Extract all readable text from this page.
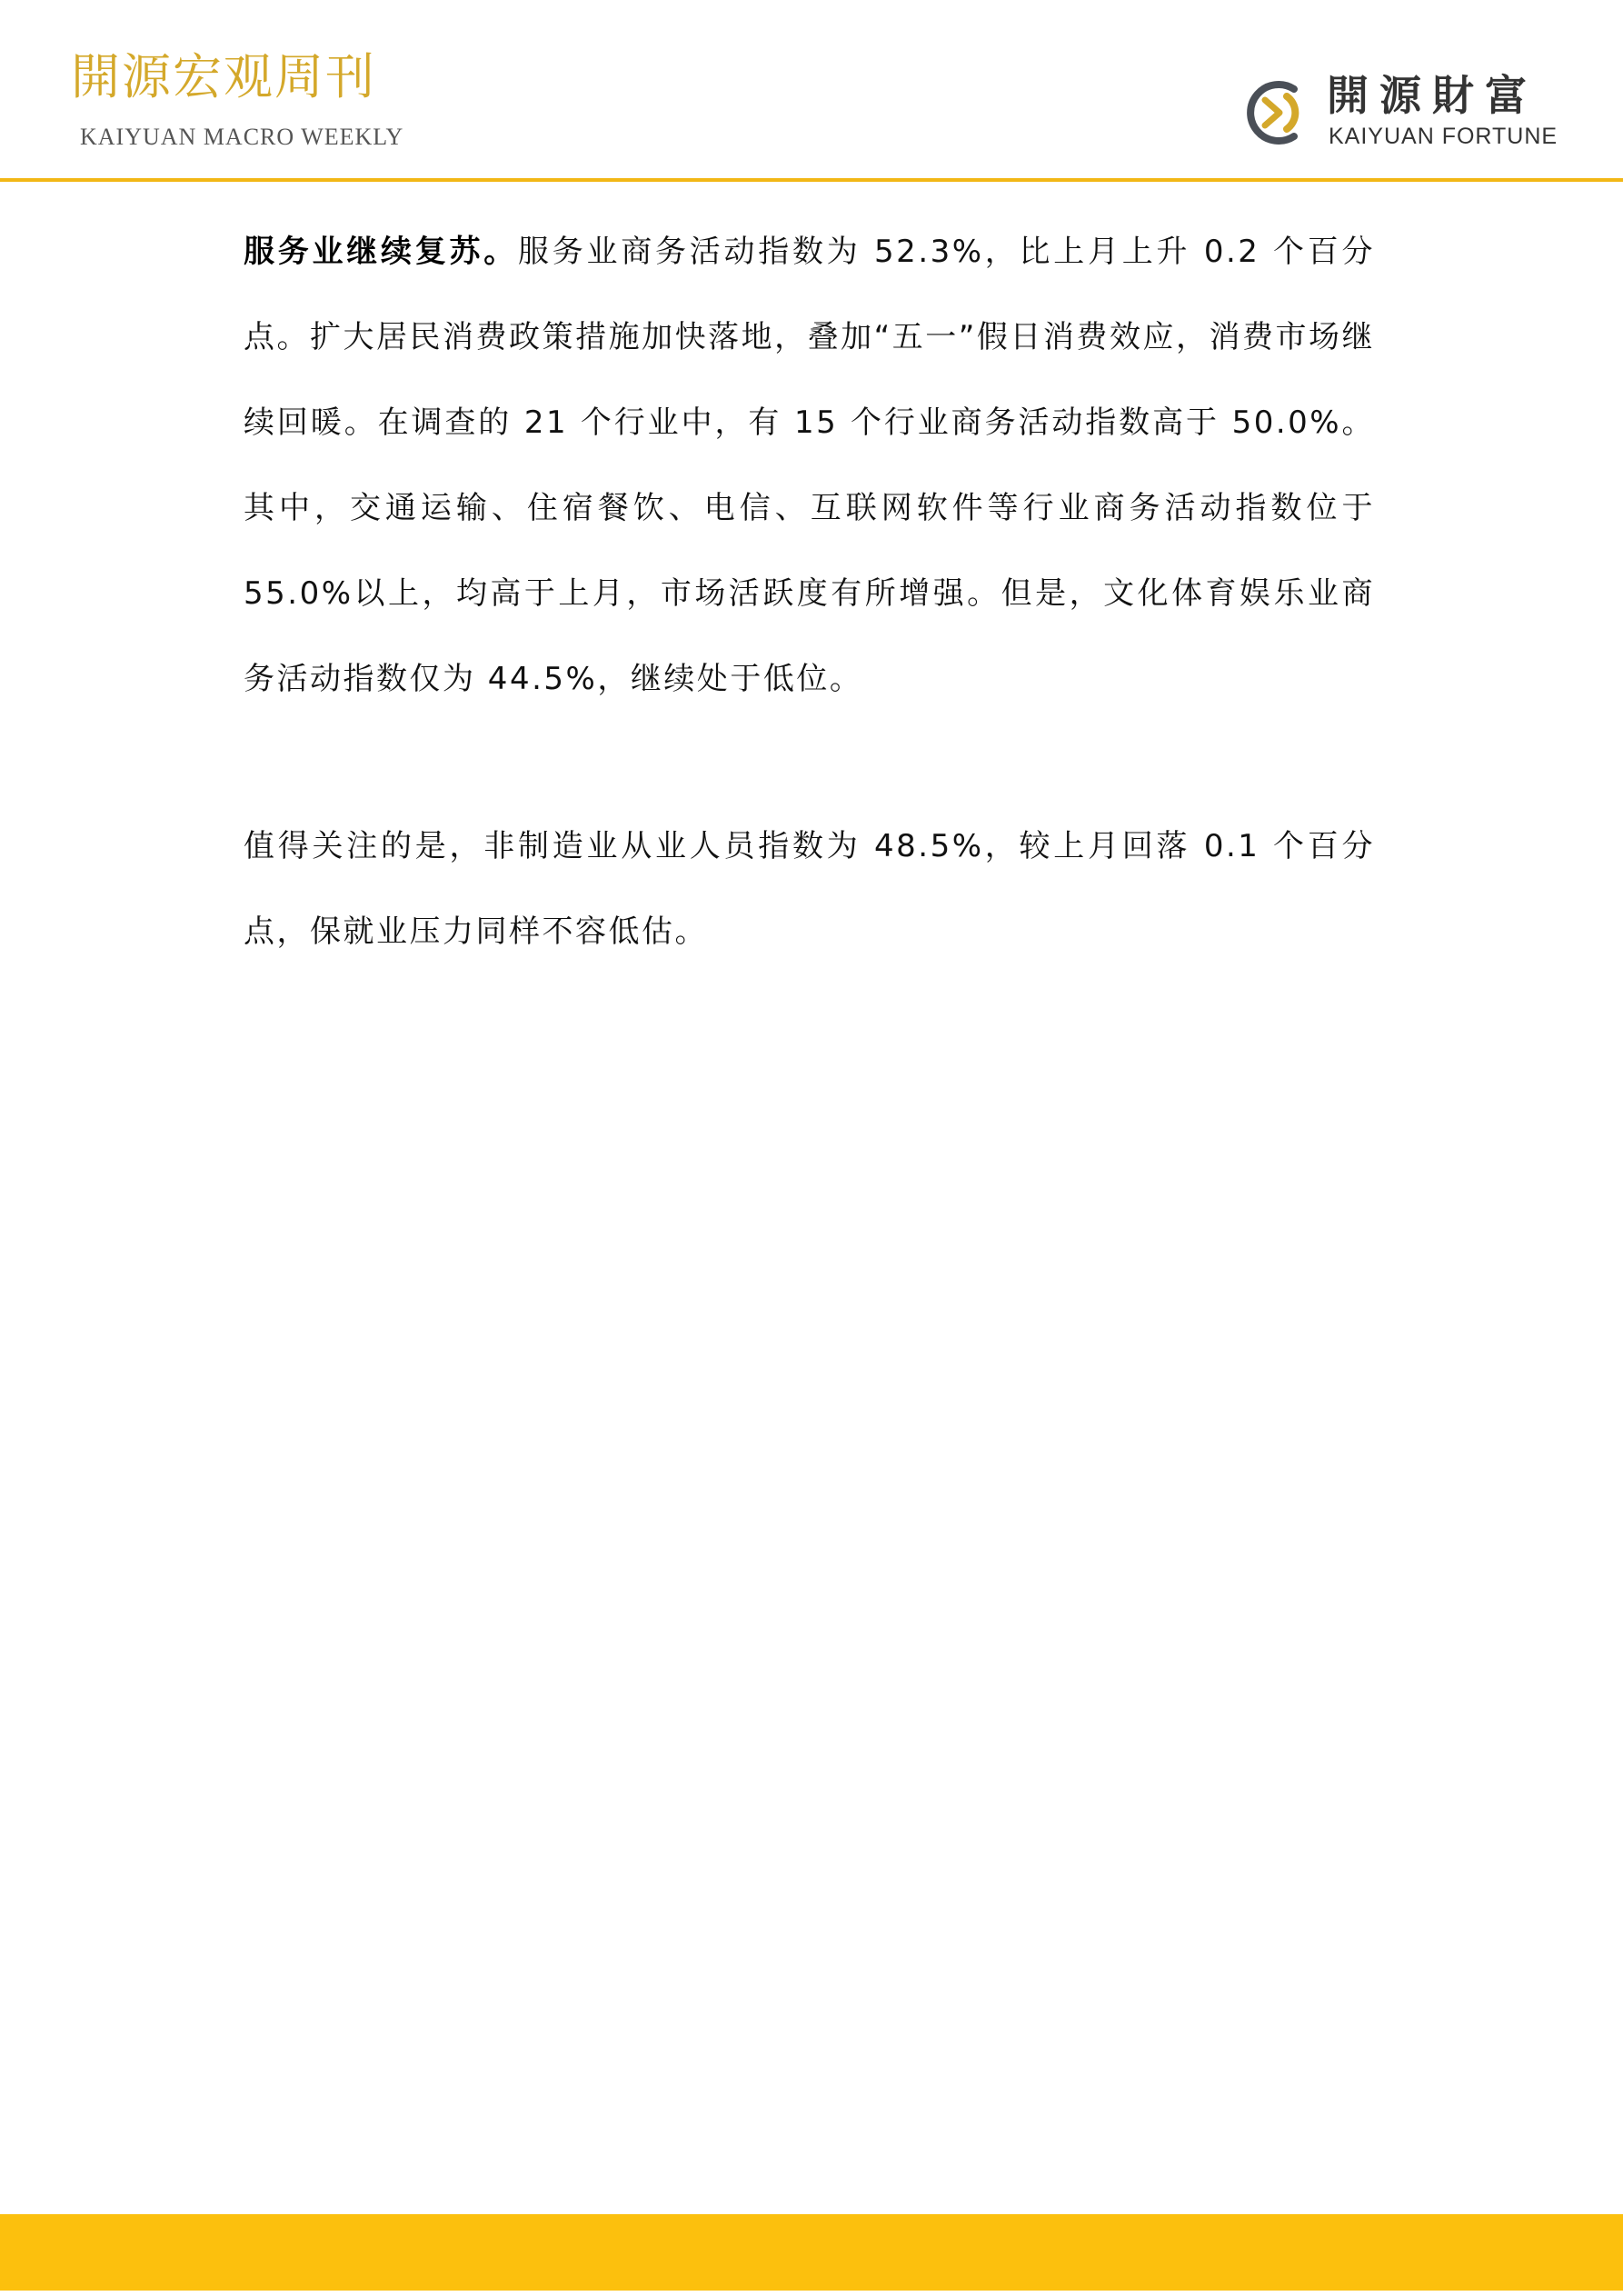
開源宏观周刊
KAIYUAN MACRO WEEKLY
開源財富
KAIYUAN FORTUNE

服务业继续复苏。服务业商务活动指数为 52.3%，比上月上升 0.2 个百分点。扩大居民消费政策措施加快落地，叠加“五一”假日消费效应，消费市场继续回暖。在调查的 21 个行业中，有 15 个行业商务活动指数高于 50.0%。其中，交通运输、住宿餐饮、电信、互联网软件等行业商务活动指数位于 55.0%以上，均高于上月，市场活跃度有所增强。但是，文化体育娱乐业商务活动指数仅为 44.5%，继续处于低位。

值得关注的是，非制造业从业人员指数为 48.5%，较上月回落 0.1 个百分点，保就业压力同样不容低估。
